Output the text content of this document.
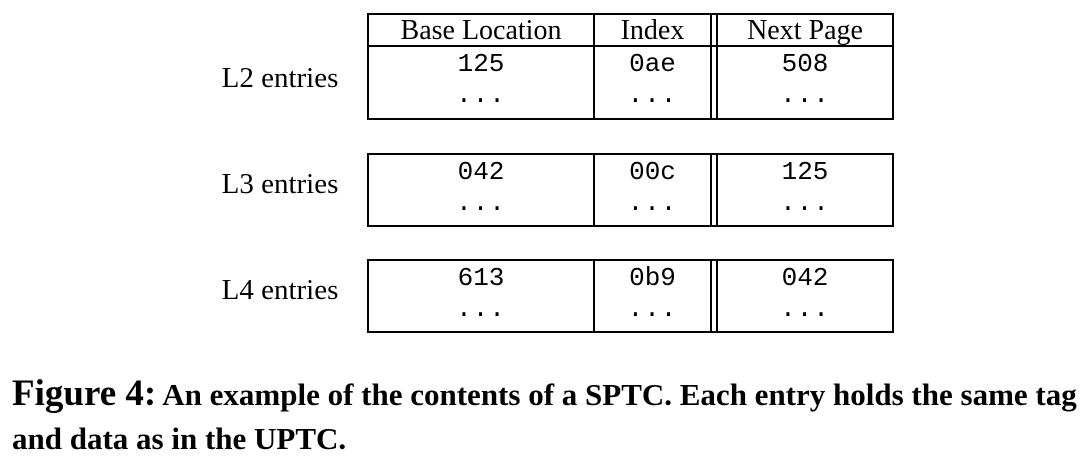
Base Location	Index	Next Page
L2 entries	125	0ae	508
...	...	...
L3 entries	042	00c	125
...	...	...
L4 entries	613	0b9	042
...	...	...
Figure 4: An example of the contents of a SPTC. Each entry holds the same tag and data as in the UPTC.
